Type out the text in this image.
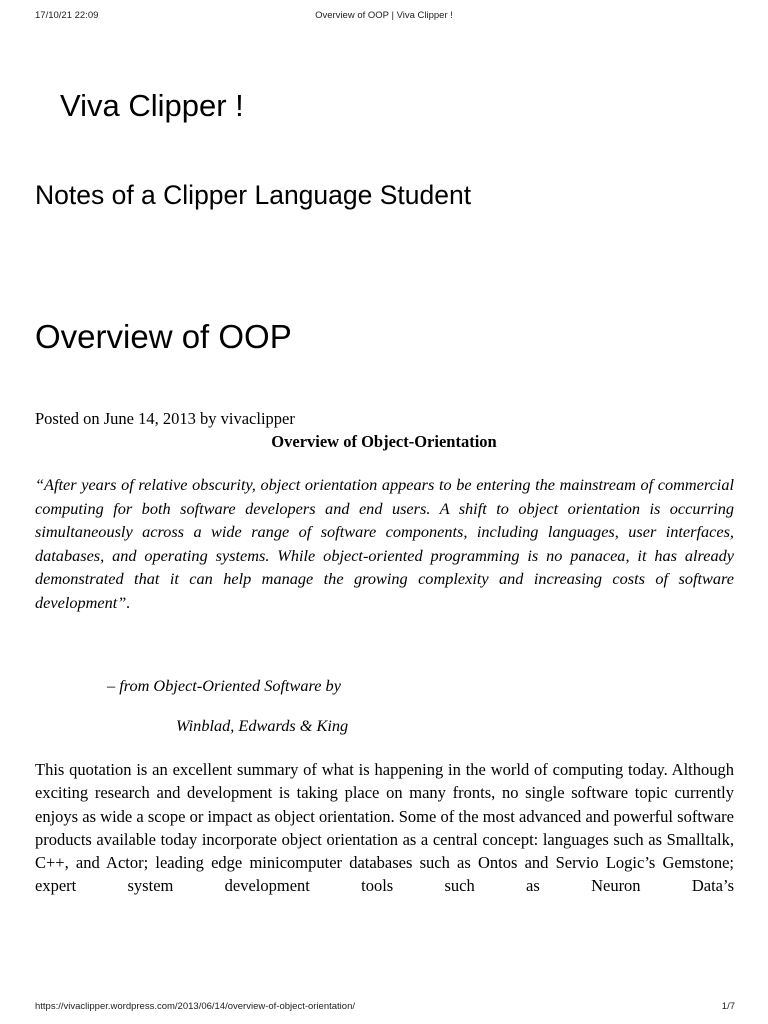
17/10/21 22:09	Overview of OOP | Viva Clipper !
Viva Clipper !
Notes of a Clipper Language Student
Overview of OOP
Posted on June 14, 2013 by vivaclipper
Overview of Object-Orientation

“After years of relative obscurity, object orientation appears to be entering the mainstream of commercial computing for both software developers and end users. A shift to object orientation is occurring simultaneously across a wide range of software components, including languages, user interfaces, databases, and operating systems. While object-oriented programming is no panacea, it has already demonstrated that it can help manage the growing complexity and increasing costs of software development”.

– from Object-Oriented Software by
Winblad, Edwards & King

This quotation is an excellent summary of what is happening in the world of computing today. Although exciting research and development is taking place on many fronts, no single software topic currently enjoys as wide a scope or impact as object orientation. Some of the most advanced and powerful software products available today incorporate object orientation as a central concept: languages such as Smalltalk, C++, and Actor; leading edge minicomputer databases such as Ontos and Servio Logic’s Gemstone; expert system development tools such as Neuron Data’s

https://vivaclipper.wordpress.com/2013/06/14/overview-of-object-orientation/	1/7
